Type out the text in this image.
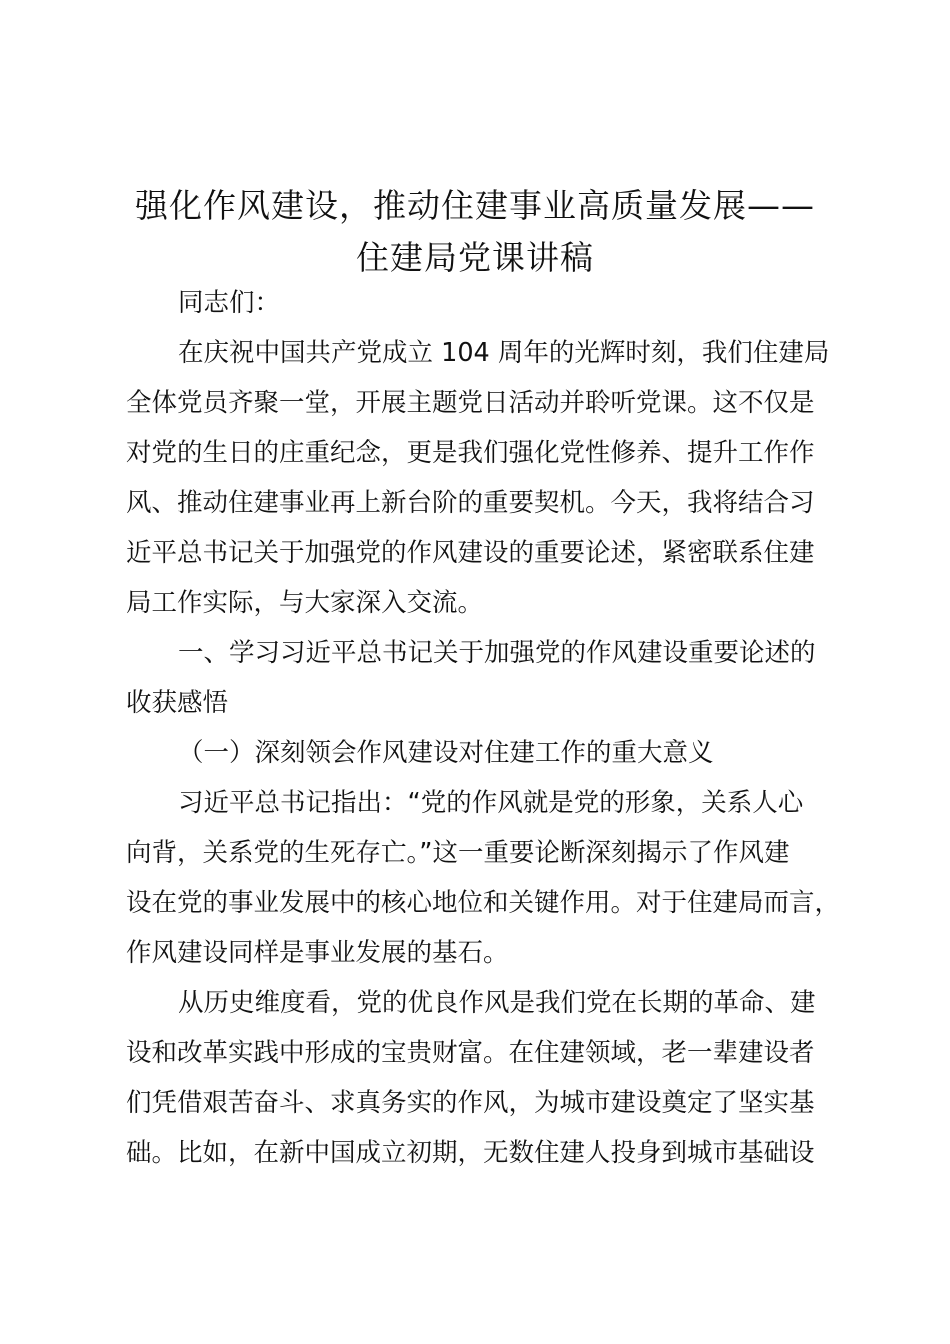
强化作风建设，推动住建事业高质量发展——
住建局党课讲稿
同志们：
在庆祝中国共产党成立 104 周年的光辉时刻，我们住建局
全体党员齐聚一堂，开展主题党日活动并聆听党课。这不仅是
对党的生日的庄重纪念，更是我们强化党性修养、提升工作作
风、推动住建事业再上新台阶的重要契机。今天，我将结合习
近平总书记关于加强党的作风建设的重要论述，紧密联系住建
局工作实际，与大家深入交流。
一、学习习近平总书记关于加强党的作风建设重要论述的
收获感悟
（一）深刻领会作风建设对住建工作的重大意义
习近平总书记指出：“党的作风就是党的形象，关系人心
向背，关系党的生死存亡。”这一重要论断深刻揭示了作风建
设在党的事业发展中的核心地位和关键作用。对于住建局而言，
作风建设同样是事业发展的基石。
从历史维度看，党的优良作风是我们党在长期的革命、建
设和改革实践中形成的宝贵财富。在住建领域，老一辈建设者
们凭借艰苦奋斗、求真务实的作风，为城市建设奠定了坚实基
础。比如，在新中国成立初期，无数住建人投身到城市基础设
